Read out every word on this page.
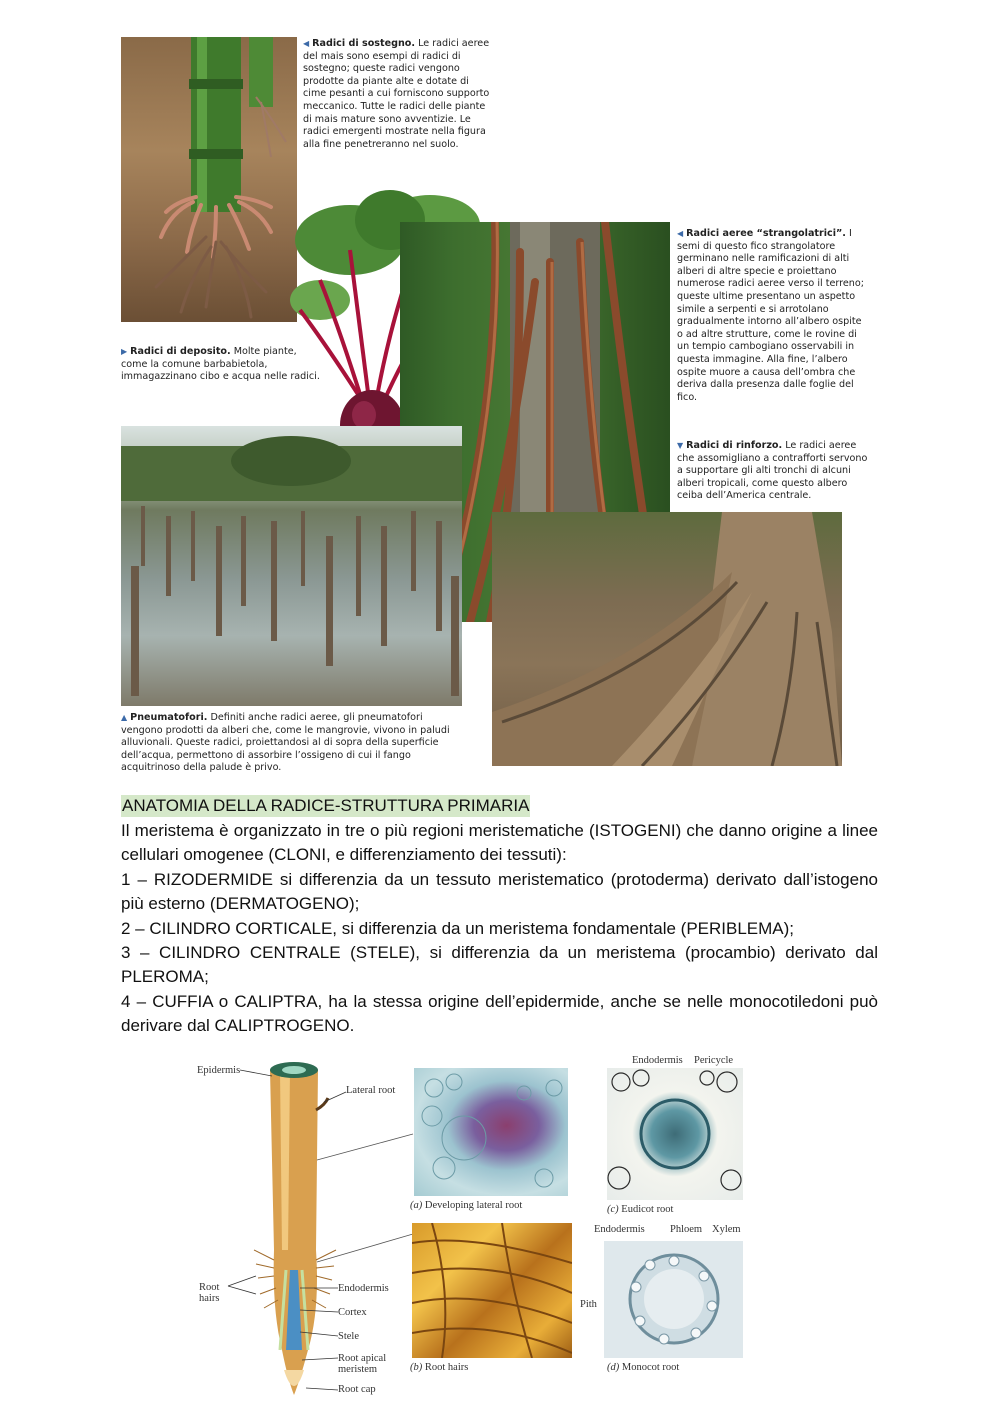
◀ Radici di sostegno. Le radici aeree del mais sono esempi di radici di sostegno; queste radici vengono prodotte da piante alte e dotate di cime pesanti a cui forniscono supporto meccanico. Tutte le radici delle piante di mais mature sono avventizie. Le radici emergenti mostrate nella figura alla fine penetreranno nel suolo.
▶ Radici di deposito. Molte piante, come la comune barbabietola, immagazzinano cibo e acqua nelle radici.
◀ Radici aeree “strangolatrici”. I semi di questo fico strangolatore germinano nelle ramificazioni di alti alberi di altre specie e proiettano numerose radici aeree verso il terreno; queste ultime presentano un aspetto simile a serpenti e si arrotolano gradualmente intorno all’albero ospite o ad altre strutture, come le rovine di un tempio cambogiano osservabili in questa immagine. Alla fine, l’albero ospite muore a causa dell’ombra che deriva dalla presenza dalle foglie del fico.
▼ Radici di rinforzo. Le radici aeree che assomigliano a contrafforti servono a supportare gli alti tronchi di alcuni alberi tropicali, come questo albero ceiba dell’America centrale.
▲ Pneumatofori. Definiti anche radici aeree, gli pneumatofori vengono prodotti da alberi che, come le mangrovie, vivono in paludi alluvionali. Queste radici, proiettandosi al di sopra della superficie dell’acqua, permettono di assorbire l’ossigeno di cui il fango acquitrinoso della palude è privo.
ANATOMIA DELLA RADICE-STRUTTURA PRIMARIA

Il meristema è organizzato in tre o più regioni meristematiche (ISTOGENI) che danno origine a linee cellulari omogenee (CLONI, e differenziamento dei tessuti):

1 – RIZODERMIDE si differenzia da un tessuto meristematico (protoderma) derivato dall’istogeno più esterno (DERMATOGENO);

2 – CILINDRO CORTICALE, si differenzia da un meristema fondamentale (PERIBLEMA);

3 – CILINDRO CENTRALE (STELE), si differenzia da un meristema (procambio) derivato dal PLEROMA;

4 – CUFFIA o CALIPTRA, ha la stessa origine dell’epidermide, anche se nelle monocotiledoni può derivare dal CALIPTROGENO.

Epidermis
Lateral root
Root hairs
Endodermis
Cortex
Stele
Root apical meristem
Root cap
(a) Developing lateral root
(b) Root hairs
Endodermis Pericycle
(c) Eudicot root
Endodermis Phloem Xylem
Pith
(d) Monocot root
